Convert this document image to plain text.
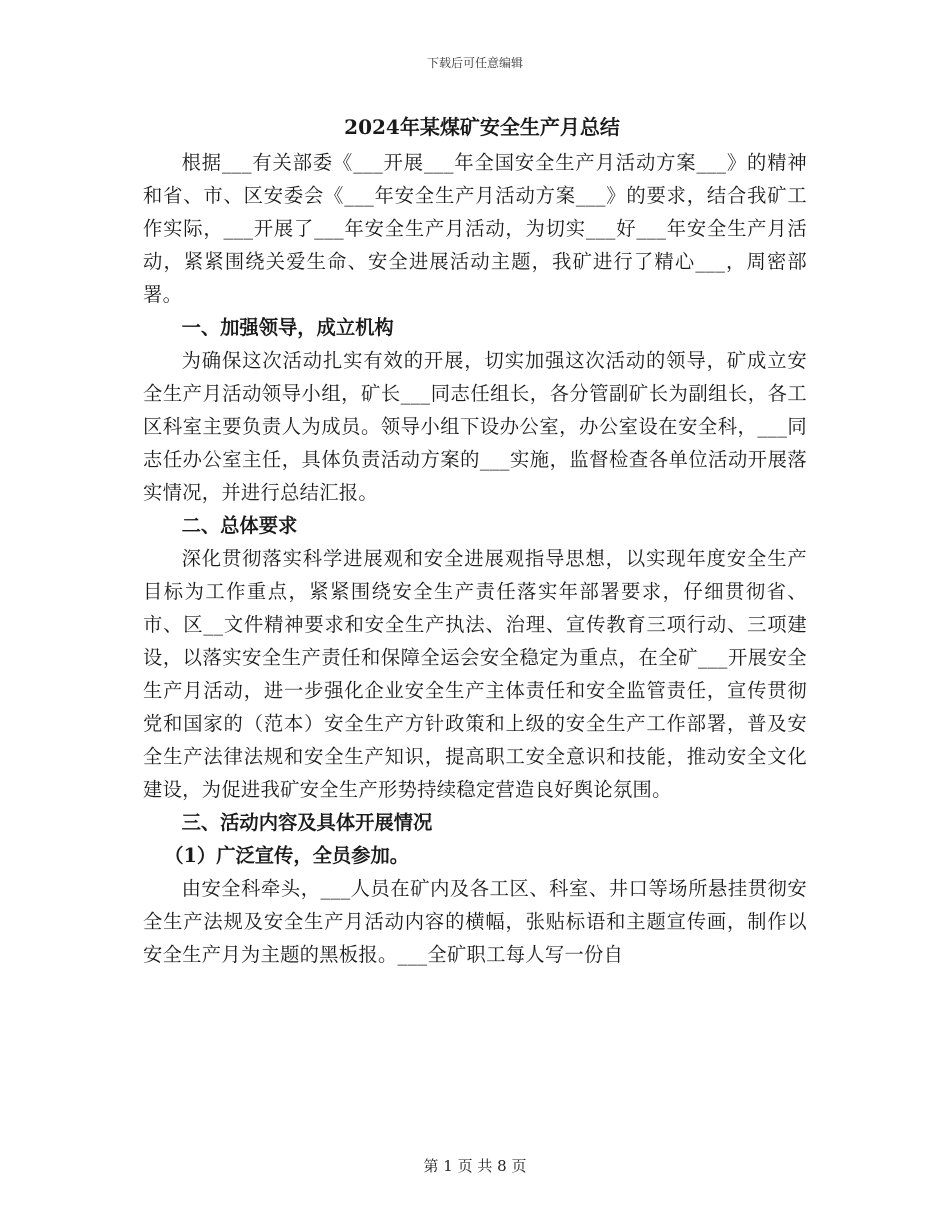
下载后可任意编辑
2024年某煤矿安全生产月总结

根据___有关部委《___开展___年全国安全生产月活动方案___》的精神和省、市、区安委会《___年安全生产月活动方案___》的要求，结合我矿工作实际，___开展了___年安全生产月活动，为切实___好___年安全生产月活动，紧紧围绕关爱生命、安全进展活动主题，我矿进行了精心___，周密部署。

一、加强领导，成立机构

为确保这次活动扎实有效的开展，切实加强这次活动的领导，矿成立安全生产月活动领导小组，矿长___同志任组长，各分管副矿长为副组长，各工区科室主要负责人为成员。领导小组下设办公室，办公室设在安全科，___同志任办公室主任，具体负责活动方案的___实施，监督检查各单位活动开展落实情况，并进行总结汇报。

二、总体要求

深化贯彻落实科学进展观和安全进展观指导思想，以实现年度安全生产目标为工作重点，紧紧围绕安全生产责任落实年部署要求，仔细贯彻省、市、区__文件精神要求和安全生产执法、治理、宣传教育三项行动、三项建设，以落实安全生产责任和保障全运会安全稳定为重点，在全矿___开展安全生产月活动，进一步强化企业安全生产主体责任和安全监管责任，宣传贯彻党和国家的（范本）安全生产方针政策和上级的安全生产工作部署，普及安全生产法律法规和安全生产知识，提高职工安全意识和技能，推动安全文化建设，为促进我矿安全生产形势持续稳定营造良好舆论氛围。

三、活动内容及具体开展情况

（1）广泛宣传，全员参加。

由安全科牵头，___人员在矿内及各工区、科室、井口等场所悬挂贯彻安全生产法规及安全生产月活动内容的横幅，张贴标语和主题宣传画，制作以安全生产月为主题的黑板报。___全矿职工每人写一份自

第 1 页 共 8 页
